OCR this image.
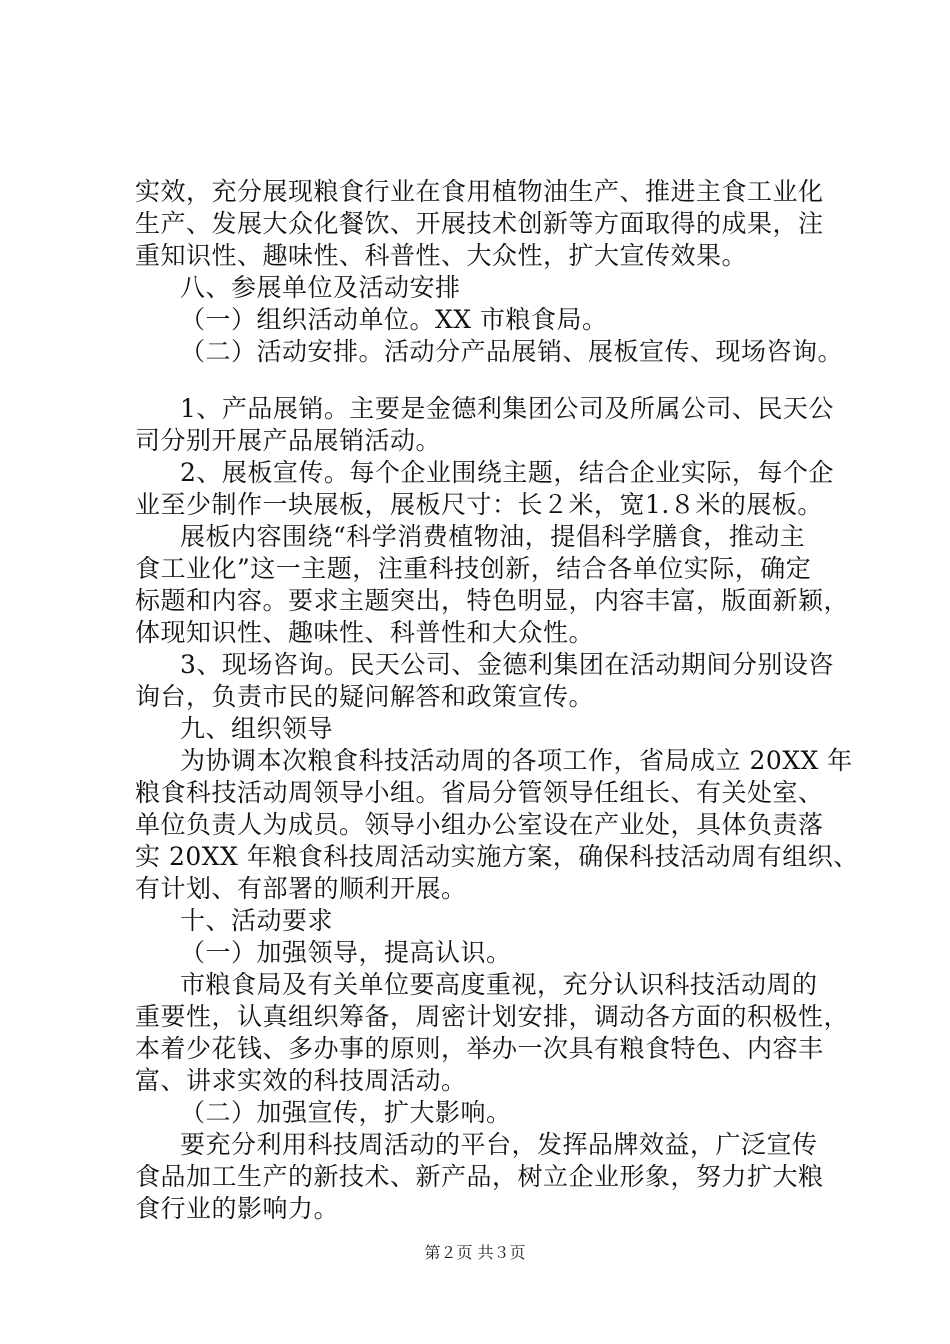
实效，充分展现粮食行业在食用植物油生产、推进主食工业化
生产、发展大众化餐饮、开展技术创新等方面取得的成果，注
重知识性、趣味性、科普性、大众性，扩大宣传效果。
八、参展单位及活动安排
（一）组织活动单位。XX 市粮食局。
（二）活动安排。活动分产品展销、展板宣传、现场咨询。
1、产品展销。主要是金德利集团公司及所属公司、民天公
司分别开展产品展销活动。
2、展板宣传。每个企业围绕主题，结合企业实际，每个企
业至少制作一块展板，展板尺寸：长２米，宽1.８米的展板。
展板内容围绕“科学消费植物油，提倡科学膳食，推动主
食工业化”这一主题，注重科技创新，结合各单位实际，确定
标题和内容。要求主题突出，特色明显，内容丰富，版面新颖，
体现知识性、趣味性、科普性和大众性。
3、现场咨询。民天公司、金德利集团在活动期间分别设咨
询台，负责市民的疑问解答和政策宣传。
九、组织领导
为协调本次粮食科技活动周的各项工作，省局成立 20XX 年
粮食科技活动周领导小组。省局分管领导任组长、有关处室、
单位负责人为成员。领导小组办公室设在产业处，具体负责落
实 20XX 年粮食科技周活动实施方案，确保科技活动周有组织、
有计划、有部署的顺利开展。
十、活动要求
（一）加强领导，提高认识。
市粮食局及有关单位要高度重视，充分认识科技活动周的
重要性，认真组织筹备，周密计划安排，调动各方面的积极性，
本着少花钱、多办事的原则，举办一次具有粮食特色、内容丰
富、讲求实效的科技周活动。
（二）加强宣传，扩大影响。
要充分利用科技周活动的平台，发挥品牌效益，广泛宣传
食品加工生产的新技术、新产品，树立企业形象，努力扩大粮
食行业的影响力。
第２页 共３页
